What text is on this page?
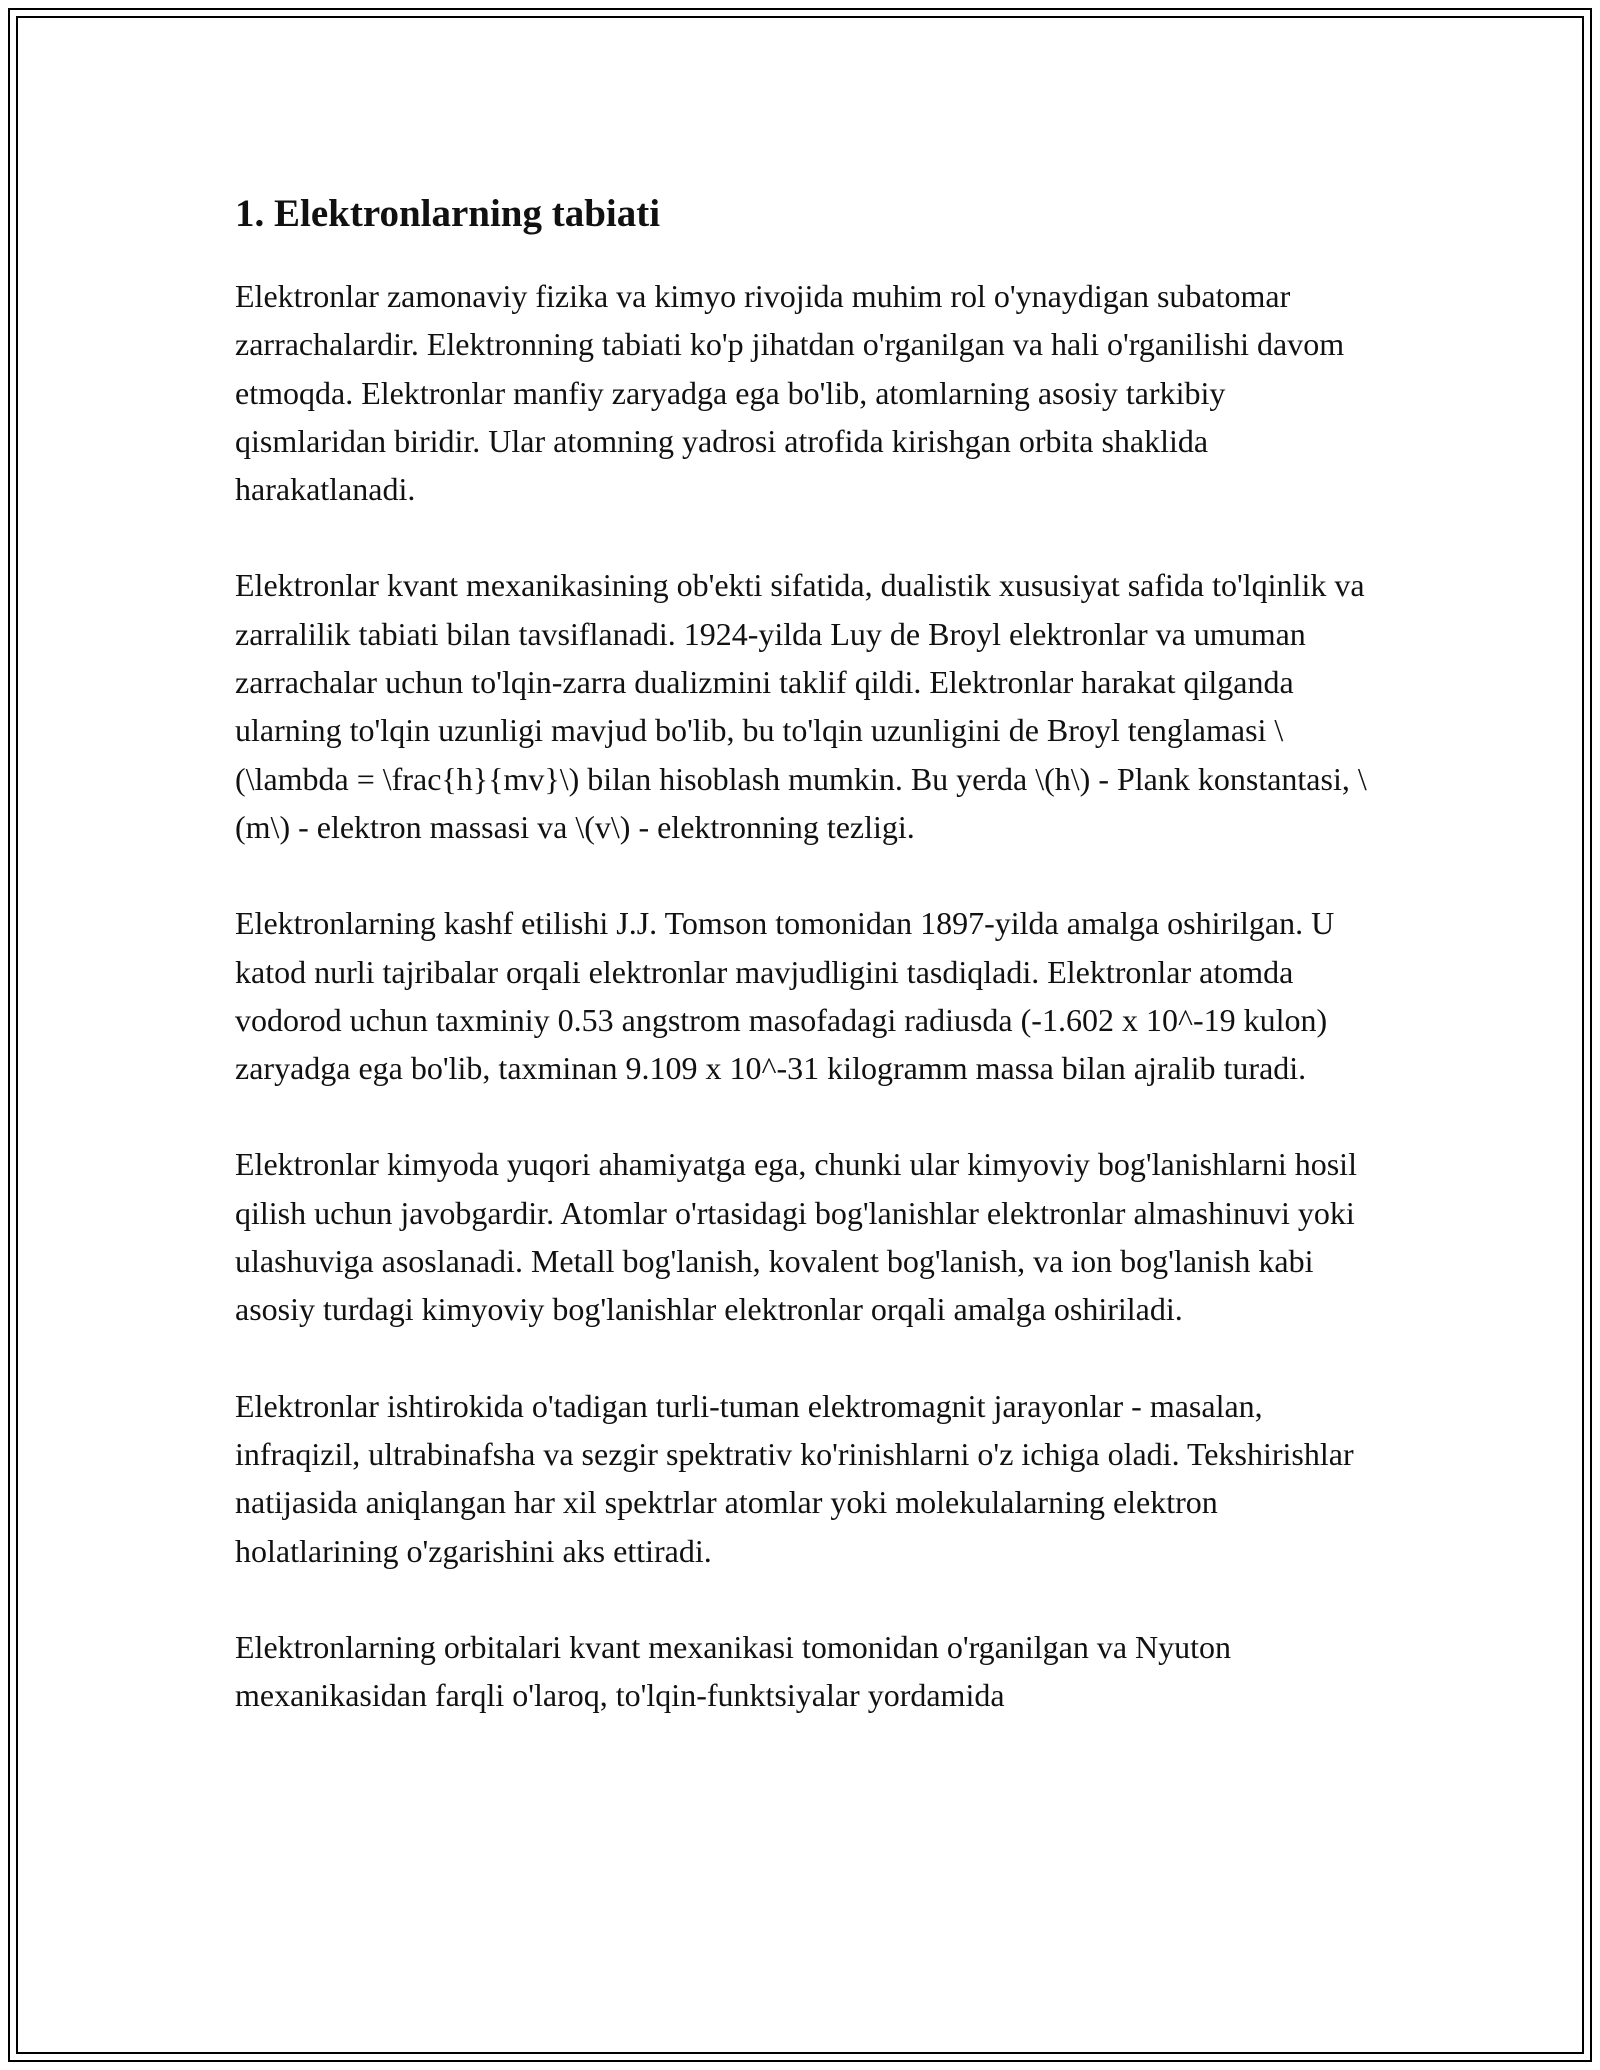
1. Elektronlarning tabiati

Elektronlar zamonaviy fizika va kimyo rivojida muhim rol o'ynaydigan subatomar zarrachalardir. Elektronning tabiati ko'p jihatdan o'rganilgan va hali o'rganilishi davom etmoqda. Elektronlar manfiy zaryadga ega bo'lib, atomlarning asosiy tarkibiy qismlaridan biridir. Ular atomning yadrosi atrofida kirishgan orbita shaklida harakatlanadi.

Elektronlar kvant mexanikasining ob'ekti sifatida, dualistik xususiyat safida to'lqinlik va zarralilik tabiati bilan tavsiflanadi. 1924-yilda Luy de Broyl elektronlar va umuman zarrachalar uchun to'lqin-zarra dualizmini taklif qildi. Elektronlar harakat qilganda ularning to'lqin uzunligi mavjud bo'lib, bu to'lqin uzunligini de Broyl tenglamasi \(\lambda = \frac{h}{mv}\) bilan hisoblash mumkin. Bu yerda \(h\) - Plank konstantasi, \(m\) - elektron massasi va \(v\) - elektronning tezligi.

Elektronlarning kashf etilishi J.J. Tomson tomonidan 1897-yilda amalga oshirilgan. U katod nurli tajribalar orqali elektronlar mavjudligini tasdiqladi. Elektronlar atomda vodorod uchun taxminiy 0.53 angstrom masofadagi radiusda (-1.602 x 10^-19 kulon) zaryadga ega bo'lib, taxminan 9.109 x 10^-31 kilogramm massa bilan ajralib turadi.

Elektronlar kimyoda yuqori ahamiyatga ega, chunki ular kimyoviy bog'lanishlarni hosil qilish uchun javobgardir. Atomlar o'rtasidagi bog'lanishlar elektronlar almashinuvi yoki ulashuviga asoslanadi. Metall bog'lanish, kovalent bog'lanish, va ion bog'lanish kabi asosiy turdagi kimyoviy bog'lanishlar elektronlar orqali amalga oshiriladi.

Elektronlar ishtirokida o'tadigan turli-tuman elektromagnit jarayonlar - masalan, infraqizil, ultrabinafsha va sezgir spektrativ ko'rinishlarni o'z ichiga oladi. Tekshirishlar natijasida aniqlangan har xil spektrlar atomlar yoki molekulalarning elektron holatlarining o'zgarishini aks ettiradi.

Elektronlarning orbitalari kvant mexanikasi tomonidan o'rganilgan va Nyuton mexanikasidan farqli o'laroq, to'lqin-funktsiyalar yordamida
